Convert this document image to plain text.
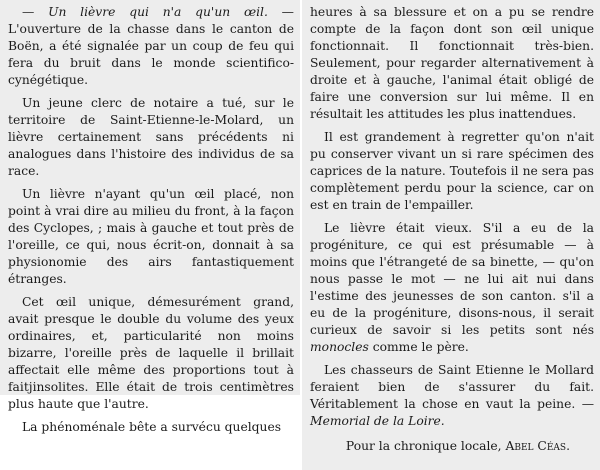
— Un lièvre qui n'a qu'un œil. — L'ouverture de la chasse dans le canton de Boën, a été signalée par un coup de feu qui fera du bruit dans le monde scientifico-cynégétique.

Un jeune clerc de notaire a tué, sur le territoire de Saint-Etienne-le-Molard, un lièvre certainement sans précédents ni analogues dans l'histoire des individus de sa race.

Un lièvre n'ayant qu'un œil placé, non point à vrai dire au milieu du front, à la façon des Cyclopes, ; mais à gauche et tout près de l'oreille, ce qui, nous écrit-on, donnait à sa physionomie des airs fantastiquement étranges.

Cet œil unique, démesurément grand, avait presque le double du volume des yeux ordinaires, et, particularité non moins bizarre, l'oreille près de laquelle il brillait affectait elle même des proportions tout à faitjinsolites. Elle était de trois centimètres plus haute que l'autre.

La phénoménale bête a survécu quelques

heures à sa blessure et on a pu se rendre compte de la façon dont son œil unique fonctionnait. Il fonctionnait très-bien. Seulement, pour regarder alternativement à droite et à gauche, l'animal était obligé de faire une conversion sur lui même. Il en résultait les attitudes les plus inattendues.

Il est grandement à regretter qu'on n'ait pu conserver vivant un si rare spécimen des caprices de la nature. Toutefois il ne sera pas complètement perdu pour la science, car on est en train de l'empailler.

Le lièvre était vieux. S'il a eu de la progéniture, ce qui est présumable — à moins que l'étrangeté de sa binette, — qu'on nous passe le mot — ne lui ait nui dans l'estime des jeunesses de son canton. s'il a eu de la progéniture, disons-nous, il serait curieux de savoir si les petits sont nés monocles comme le père.

Les chasseurs de Saint Etienne le Mollard feraient bien de s'assurer du fait. Véritablement la chose en vaut la peine. — Memorial de la Loire.

Pour la chronique locale, Abel Céas.
